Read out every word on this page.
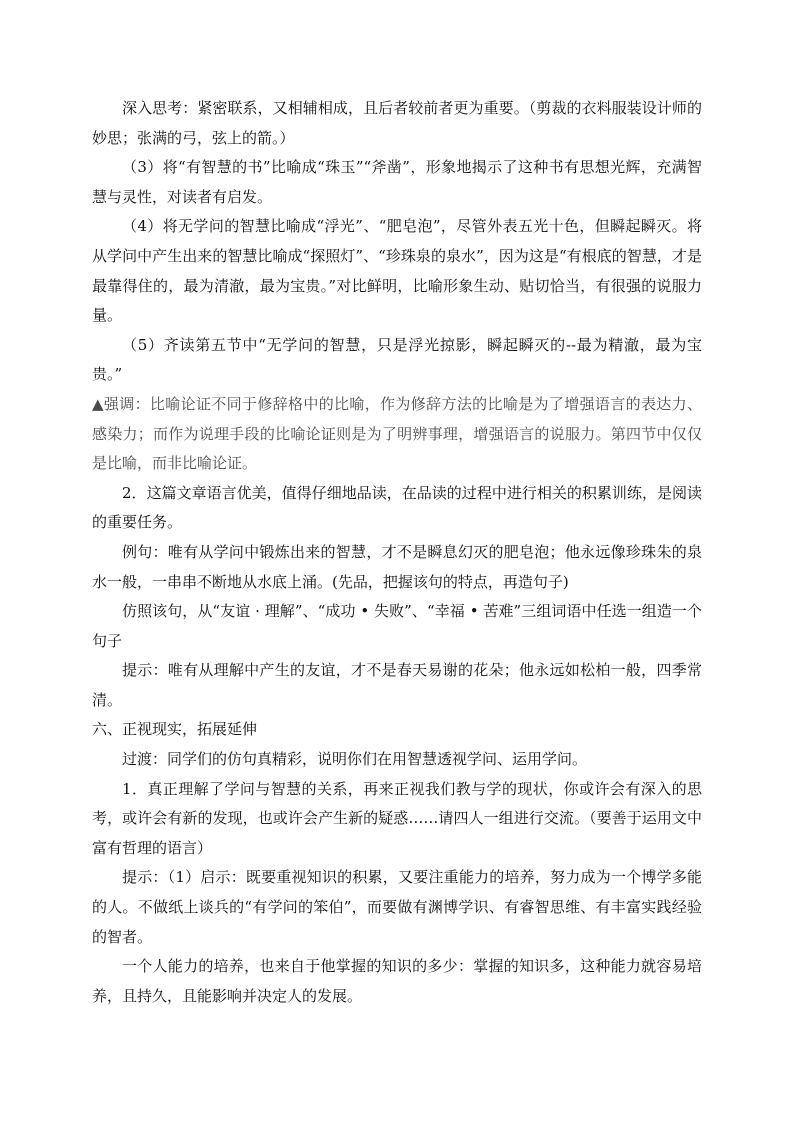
深入思考：紧密联系，又相辅相成，且后者较前者更为重要。（剪裁的衣料服装设计师的妙思；张满的弓，弦上的箭。）

（3）将“有智慧的书”比喻成“珠玉”“斧凿”，形象地揭示了这种书有思想光辉，充满智慧与灵性，对读者有启发。

（4）将无学问的智慧比喻成“浮光”、“肥皂泡”，尽管外表五光十色，但瞬起瞬灭。将从学问中产生出来的智慧比喻成“探照灯”、“珍珠泉的泉水”，因为这是“有根底的智慧，才是最靠得住的，最为清澈，最为宝贵。”对比鲜明，比喻形象生动、贴切恰当，有很强的说服力量。

（5）齐读第五节中“无学问的智慧，只是浮光掠影，瞬起瞬灭的--最为精澈，最为宝贵。”

▲强调：比喻论证不同于修辞格中的比喻，作为修辞方法的比喻是为了增强语言的表达力、感染力；而作为说理手段的比喻论证则是为了明辨事理，增强语言的说服力。第四节中仅仅是比喻，而非比喻论证。

2．这篇文章语言优美，值得仔细地品读，在品读的过程中进行相关的积累训练，是阅读的重要任务。

例句：唯有从学问中锻炼出来的智慧，才不是瞬息幻灭的肥皂泡；他永远像珍珠朱的泉水一般，一串串不断地从水底上涌。(先品，把握该句的特点，再造句子)

仿照该句，从“友谊 · 理解”、“成功 • 失败”、“幸福 • 苦难”三组词语中任选一组造一个句子

提示：唯有从理解中产生的友谊，才不是春天易谢的花朵；他永远如松柏一般，四季常清。

六、正视现实，拓展延伸

过渡：同学们的仿句真精彩，说明你们在用智慧透视学问、运用学问。

1．真正理解了学问与智慧的关系，再来正视我们教与学的现状，你或许会有深入的思考，或许会有新的发现，也或许会产生新的疑惑……请四人一组进行交流。（要善于运用文中富有哲理的语言）

提示：（1）启示：既要重视知识的积累，又要注重能力的培养，努力成为一个博学多能的人。不做纸上谈兵的“有学问的笨伯”，而要做有渊博学识、有睿智思维、有丰富实践经验的智者。

一个人能力的培养，也来自于他掌握的知识的多少：掌握的知识多，这种能力就容易培养，且持久，且能影响并决定人的发展。
